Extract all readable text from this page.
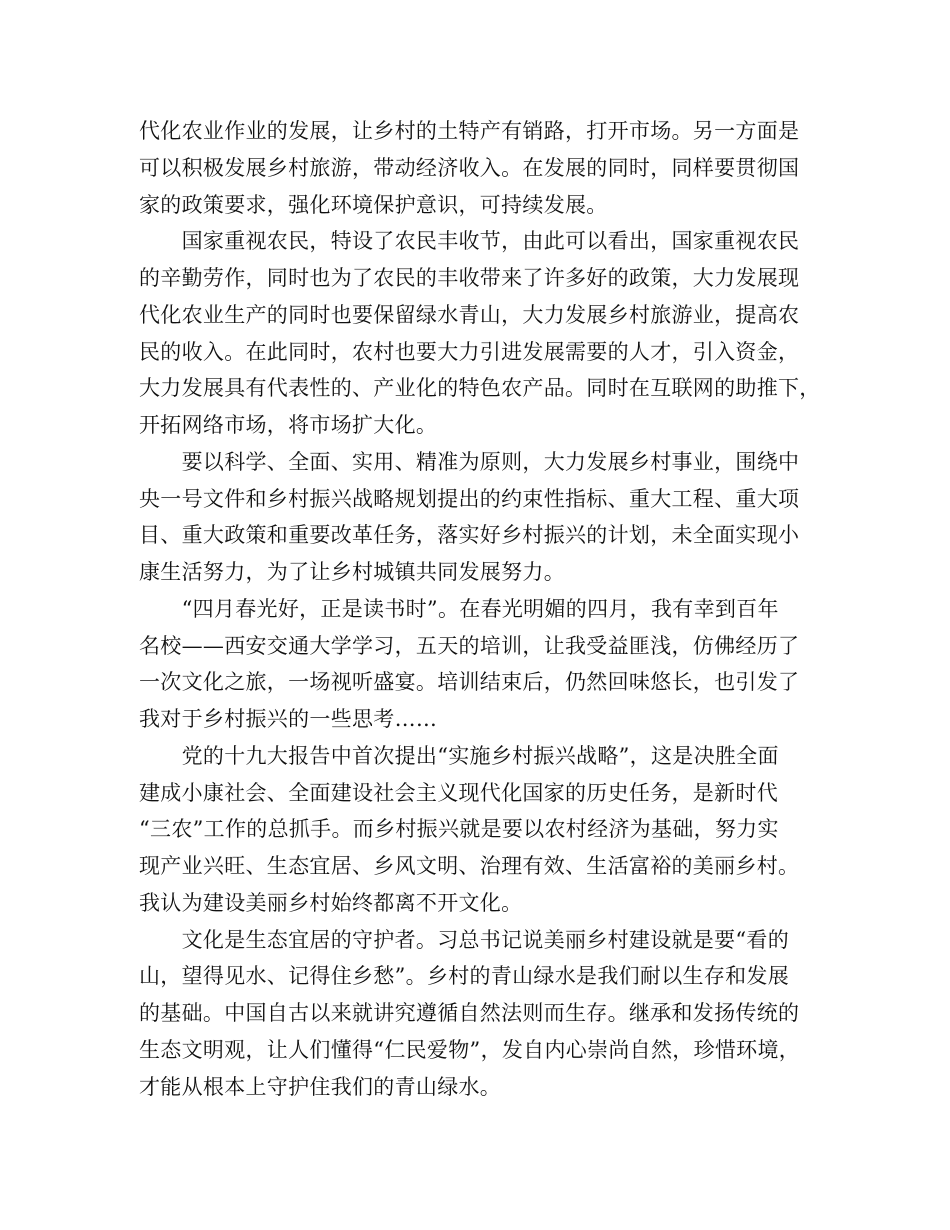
代化农业作业的发展，让乡村的土特产有销路，打开市场。另一方面是
可以积极发展乡村旅游，带动经济收入。在发展的同时，同样要贯彻国
家的政策要求，强化环境保护意识，可持续发展。
　　国家重视农民，特设了农民丰收节，由此可以看出，国家重视农民
的辛勤劳作，同时也为了农民的丰收带来了许多好的政策，大力发展现
代化农业生产的同时也要保留绿水青山，大力发展乡村旅游业，提高农
民的收入。在此同时，农村也要大力引进发展需要的人才，引入资金，
大力发展具有代表性的、产业化的特色农产品。同时在互联网的助推下，
开拓网络市场，将市场扩大化。
　　要以科学、全面、实用、精准为原则，大力发展乡村事业，围绕中
央一号文件和乡村振兴战略规划提出的约束性指标、重大工程、重大项
目、重大政策和重要改革任务，落实好乡村振兴的计划，未全面实现小
康生活努力，为了让乡村城镇共同发展努力。
　　“四月春光好，正是读书时”。在春光明媚的四月，我有幸到百年
名校——西安交通大学学习，五天的培训，让我受益匪浅，仿佛经历了
一次文化之旅，一场视听盛宴。培训结束后，仍然回味悠长，也引发了
我对于乡村振兴的一些思考……
　　党的十九大报告中首次提出“实施乡村振兴战略”，这是决胜全面
建成小康社会、全面建设社会主义现代化国家的历史任务，是新时代
“三农”工作的总抓手。而乡村振兴就是要以农村经济为基础，努力实
现产业兴旺、生态宜居、乡风文明、治理有效、生活富裕的美丽乡村。
我认为建设美丽乡村始终都离不开文化。
　　文化是生态宜居的守护者。习总书记说美丽乡村建设就是要“看的
山，望得见水、记得住乡愁”。乡村的青山绿水是我们耐以生存和发展
的基础。中国自古以来就讲究遵循自然法则而生存。继承和发扬传统的
生态文明观，让人们懂得“仁民爱物”，发自内心崇尚自然，珍惜环境，
才能从根本上守护住我们的青山绿水。
